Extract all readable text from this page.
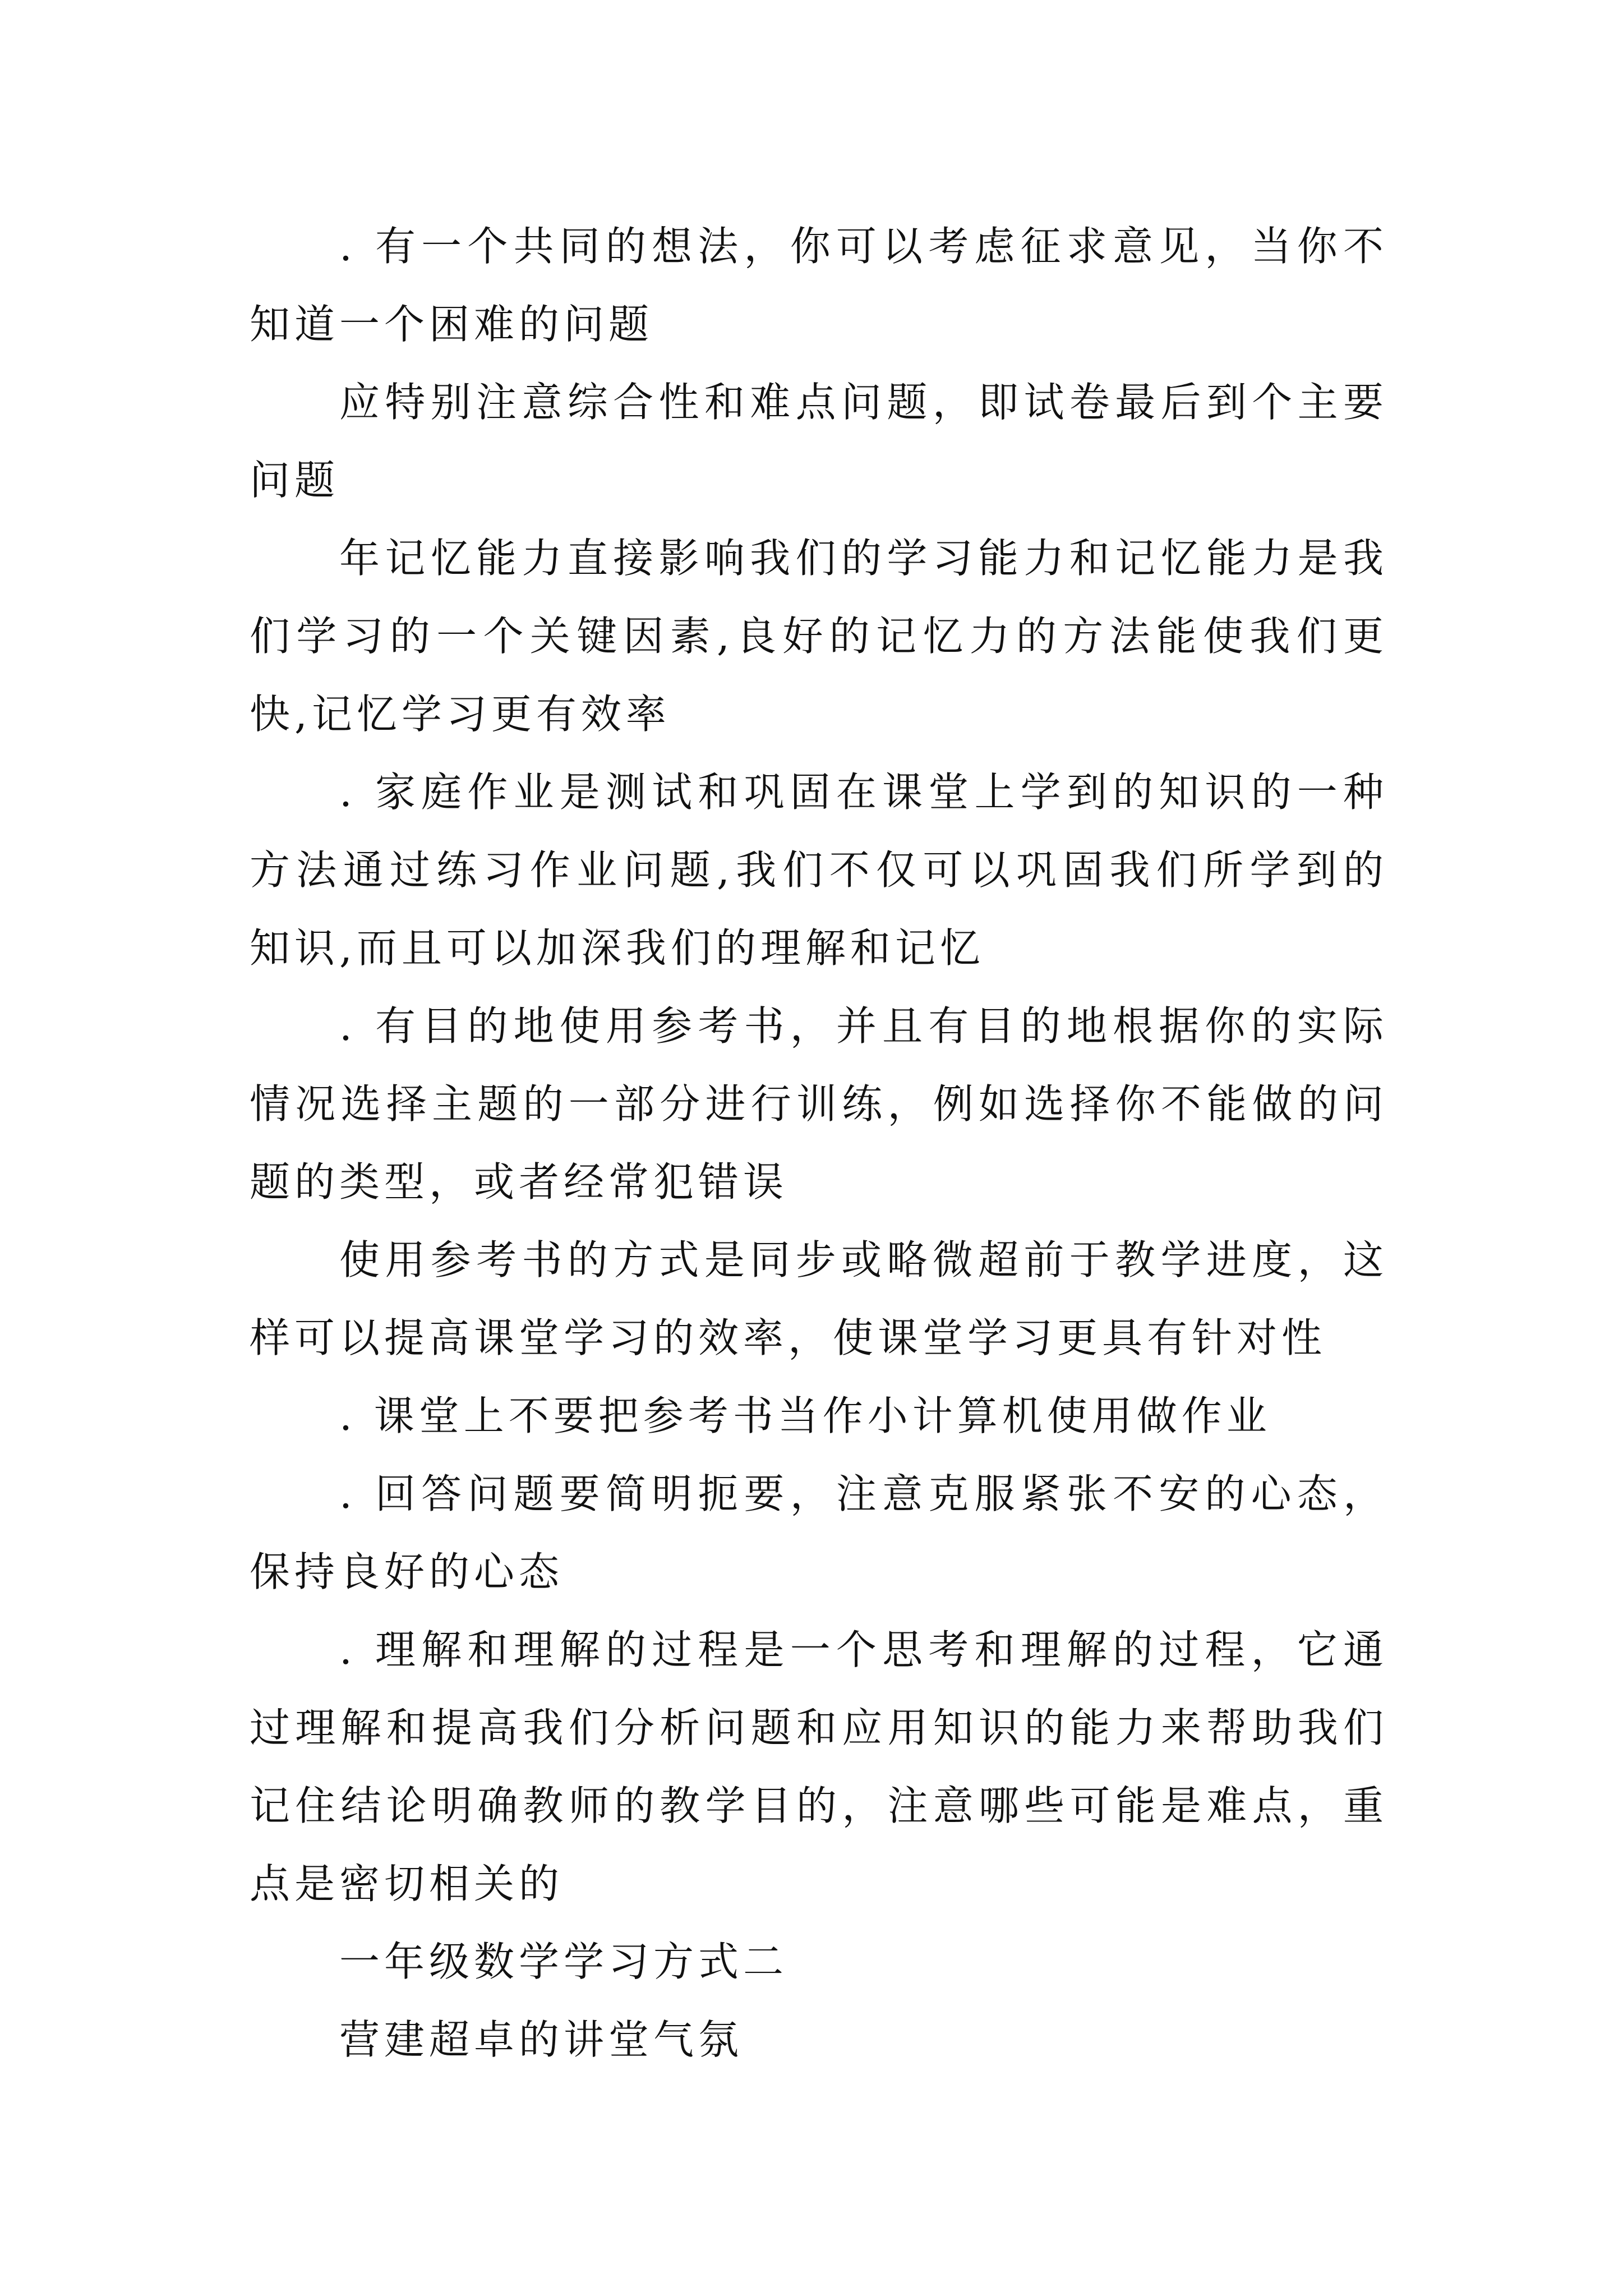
. 有一个共同的想法，你可以考虑征求意见，当你不知道一个困难的问题

应特别注意综合性和难点问题，即试卷最后到个主要问题

年记忆能力直接影响我们的学习能力和记忆能力是我们学习的一个关键因素,良好的记忆力的方法能使我们更快,记忆学习更有效率

. 家庭作业是测试和巩固在课堂上学到的知识的一种方法通过练习作业问题,我们不仅可以巩固我们所学到的知识,而且可以加深我们的理解和记忆

. 有目的地使用参考书，并且有目的地根据你的实际情况选择主题的一部分进行训练，例如选择你不能做的问题的类型，或者经常犯错误

使用参考书的方式是同步或略微超前于教学进度，这样可以提高课堂学习的效率，使课堂学习更具有针对性

. 课堂上不要把参考书当作小计算机使用做作业

. 回答问题要简明扼要，注意克服紧张不安的心态，保持良好的心态

. 理解和理解的过程是一个思考和理解的过程，它通过理解和提高我们分析问题和应用知识的能力来帮助我们记住结论明确教师的教学目的，注意哪些可能是难点，重点是密切相关的

一年级数学学习方式二

营建超卓的讲堂气氛
